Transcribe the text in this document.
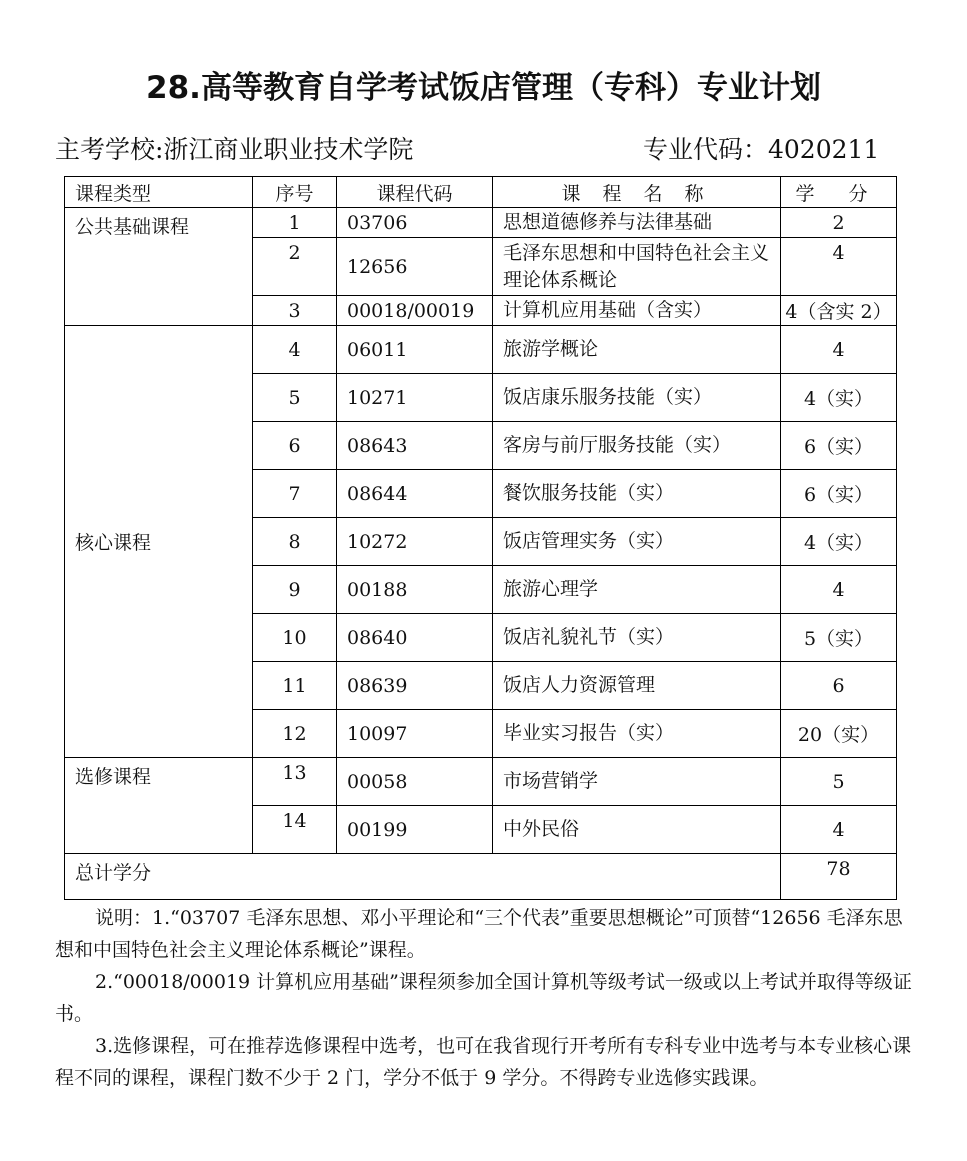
28.高等教育自学考试饭店管理（专科）专业计划
主考学校:浙江商业职业技术学院	专业代码：4020211
课程类型	序号	课程代码	课 程 名 称	学 分
公共基础课程	1	03706	思想道德修养与法律基础	2
	2	12656	毛泽东思想和中国特色社会主义理论体系概论	4
	3	00018/00019	计算机应用基础（含实）	4（含实 2）
核心课程	4	06011	旅游学概论	4
	5	10271	饭店康乐服务技能（实）	4（实）
	6	08643	客房与前厅服务技能（实）	6（实）
	7	08644	餐饮服务技能（实）	6（实）
	8	10272	饭店管理实务（实）	4（实）
	9	00188	旅游心理学	4
	10	08640	饭店礼貌礼节（实）	5（实）
	11	08639	饭店人力资源管理	6
	12	10097	毕业实习报告（实）	20（实）
选修课程	13	00058	市场营销学	5
	14	00199	中外民俗	4
总计学分				78

说明：1.“03707 毛泽东思想、邓小平理论和“三个代表”重要思想概论”可顶替“12656 毛泽东思想和中国特色社会主义理论体系概论”课程。

2.“00018/00019 计算机应用基础”课程须参加全国计算机等级考试一级或以上考试并取得等级证书。

3.选修课程，可在推荐选修课程中选考，也可在我省现行开考所有专科专业中选考与本专业核心课程不同的课程，课程门数不少于 2 门，学分不低于 9 学分。不得跨专业选修实践课。
